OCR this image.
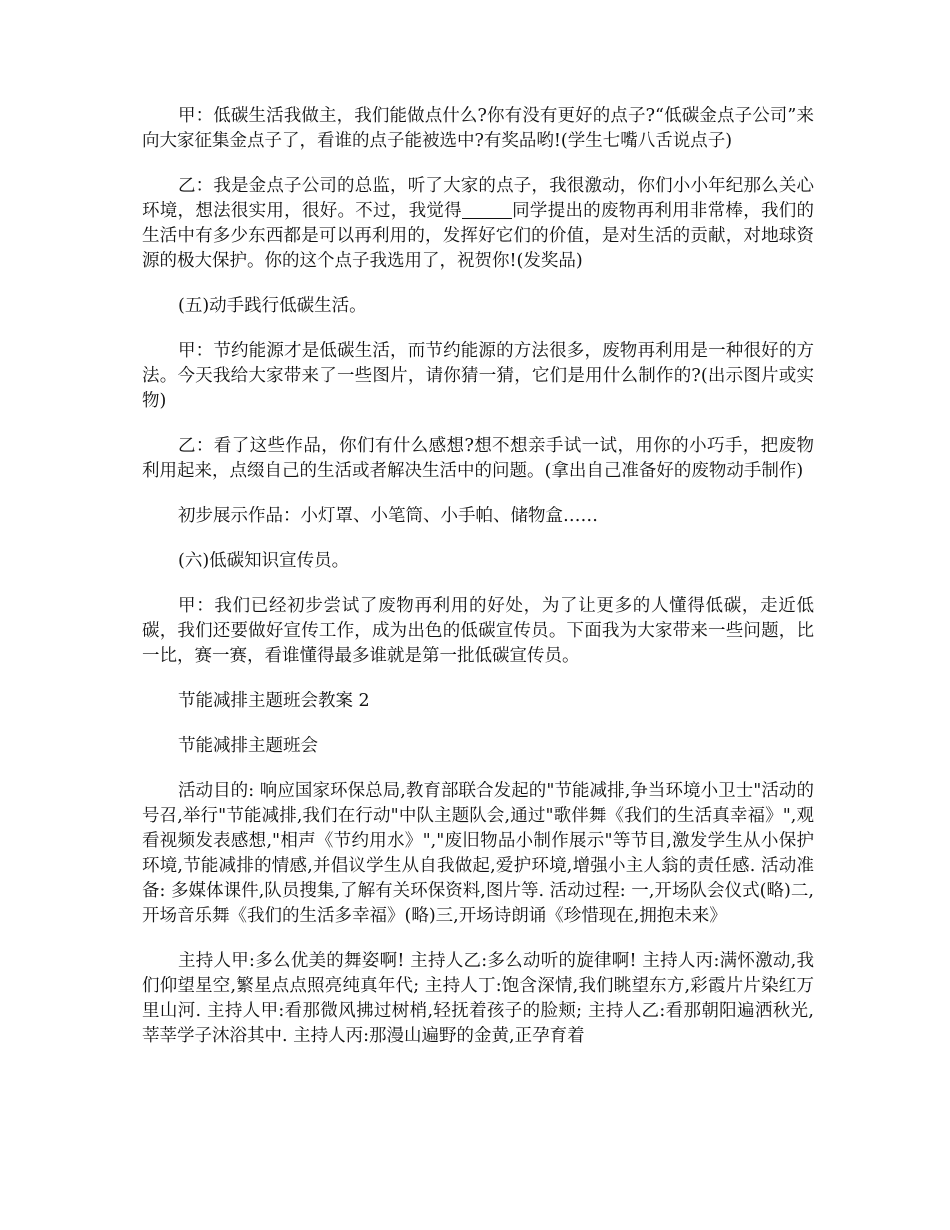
甲：低碳生活我做主，我们能做点什么?你有没有更好的点子?“低碳金点子公司”来向大家征集金点子了，看谁的点子能被选中?有奖品哟!(学生七嘴八舌说点子)

乙：我是金点子公司的总监，听了大家的点子，我很激动，你们小小年纪那么关心环境，想法很实用，很好。不过，我觉得	同学提出的废物再利用非常棒，我们的生活中有多少东西都是可以再利用的，发挥好它们的价值，是对生活的贡献，对地球资源的极大保护。你的这个点子我选用了，祝贺你!(发奖品)

(五)动手践行低碳生活。

甲：节约能源才是低碳生活，而节约能源的方法很多，废物再利用是一种很好的方法。今天我给大家带来了一些图片，请你猜一猜，它们是用什么制作的?(出示图片或实物)

乙：看了这些作品，你们有什么感想?想不想亲手试一试，用你的小巧手，把废物利用起来，点缀自己的生活或者解决生活中的问题。(拿出自己准备好的废物动手制作)

初步展示作品：小灯罩、小笔筒、小手帕、储物盒……

(六)低碳知识宣传员。

甲：我们已经初步尝试了废物再利用的好处，为了让更多的人懂得低碳，走近低碳，我们还要做好宣传工作，成为出色的低碳宣传员。下面我为大家带来一些问题，比一比，赛一赛，看谁懂得最多谁就是第一批低碳宣传员。

节能减排主题班会教案 2

节能减排主题班会

活动目的: 响应国家环保总局,教育部联合发起的"节能减排,争当环境小卫士"活动的号召,举行"节能减排,我们在行动"中队主题队会,通过"歌伴舞《我们的生活真幸福》",观看视频发表感想,"相声《节约用水》","废旧物品小制作展示"等节目,激发学生从小保护环境,节能减排的情感,并倡议学生从自我做起,爱护环境,增强小主人翁的责任感. 活动准备: 多媒体课件,队员搜集,了解有关环保资料,图片等. 活动过程: 一,开场队会仪式(略)二,开场音乐舞《我们的生活多幸福》(略)三,开场诗朗诵《珍惜现在,拥抱未来》

主持人甲:多么优美的舞姿啊! 主持人乙:多么动听的旋律啊! 主持人丙:满怀激动,我们仰望星空,繁星点点照亮纯真年代; 主持人丁:饱含深情,我们眺望东方,彩霞片片染红万里山河. 主持人甲:看那微风拂过树梢,轻抚着孩子的脸颊; 主持人乙:看那朝阳遍洒秋光,莘莘学子沐浴其中. 主持人丙:那漫山遍野的金黄,正孕育着
